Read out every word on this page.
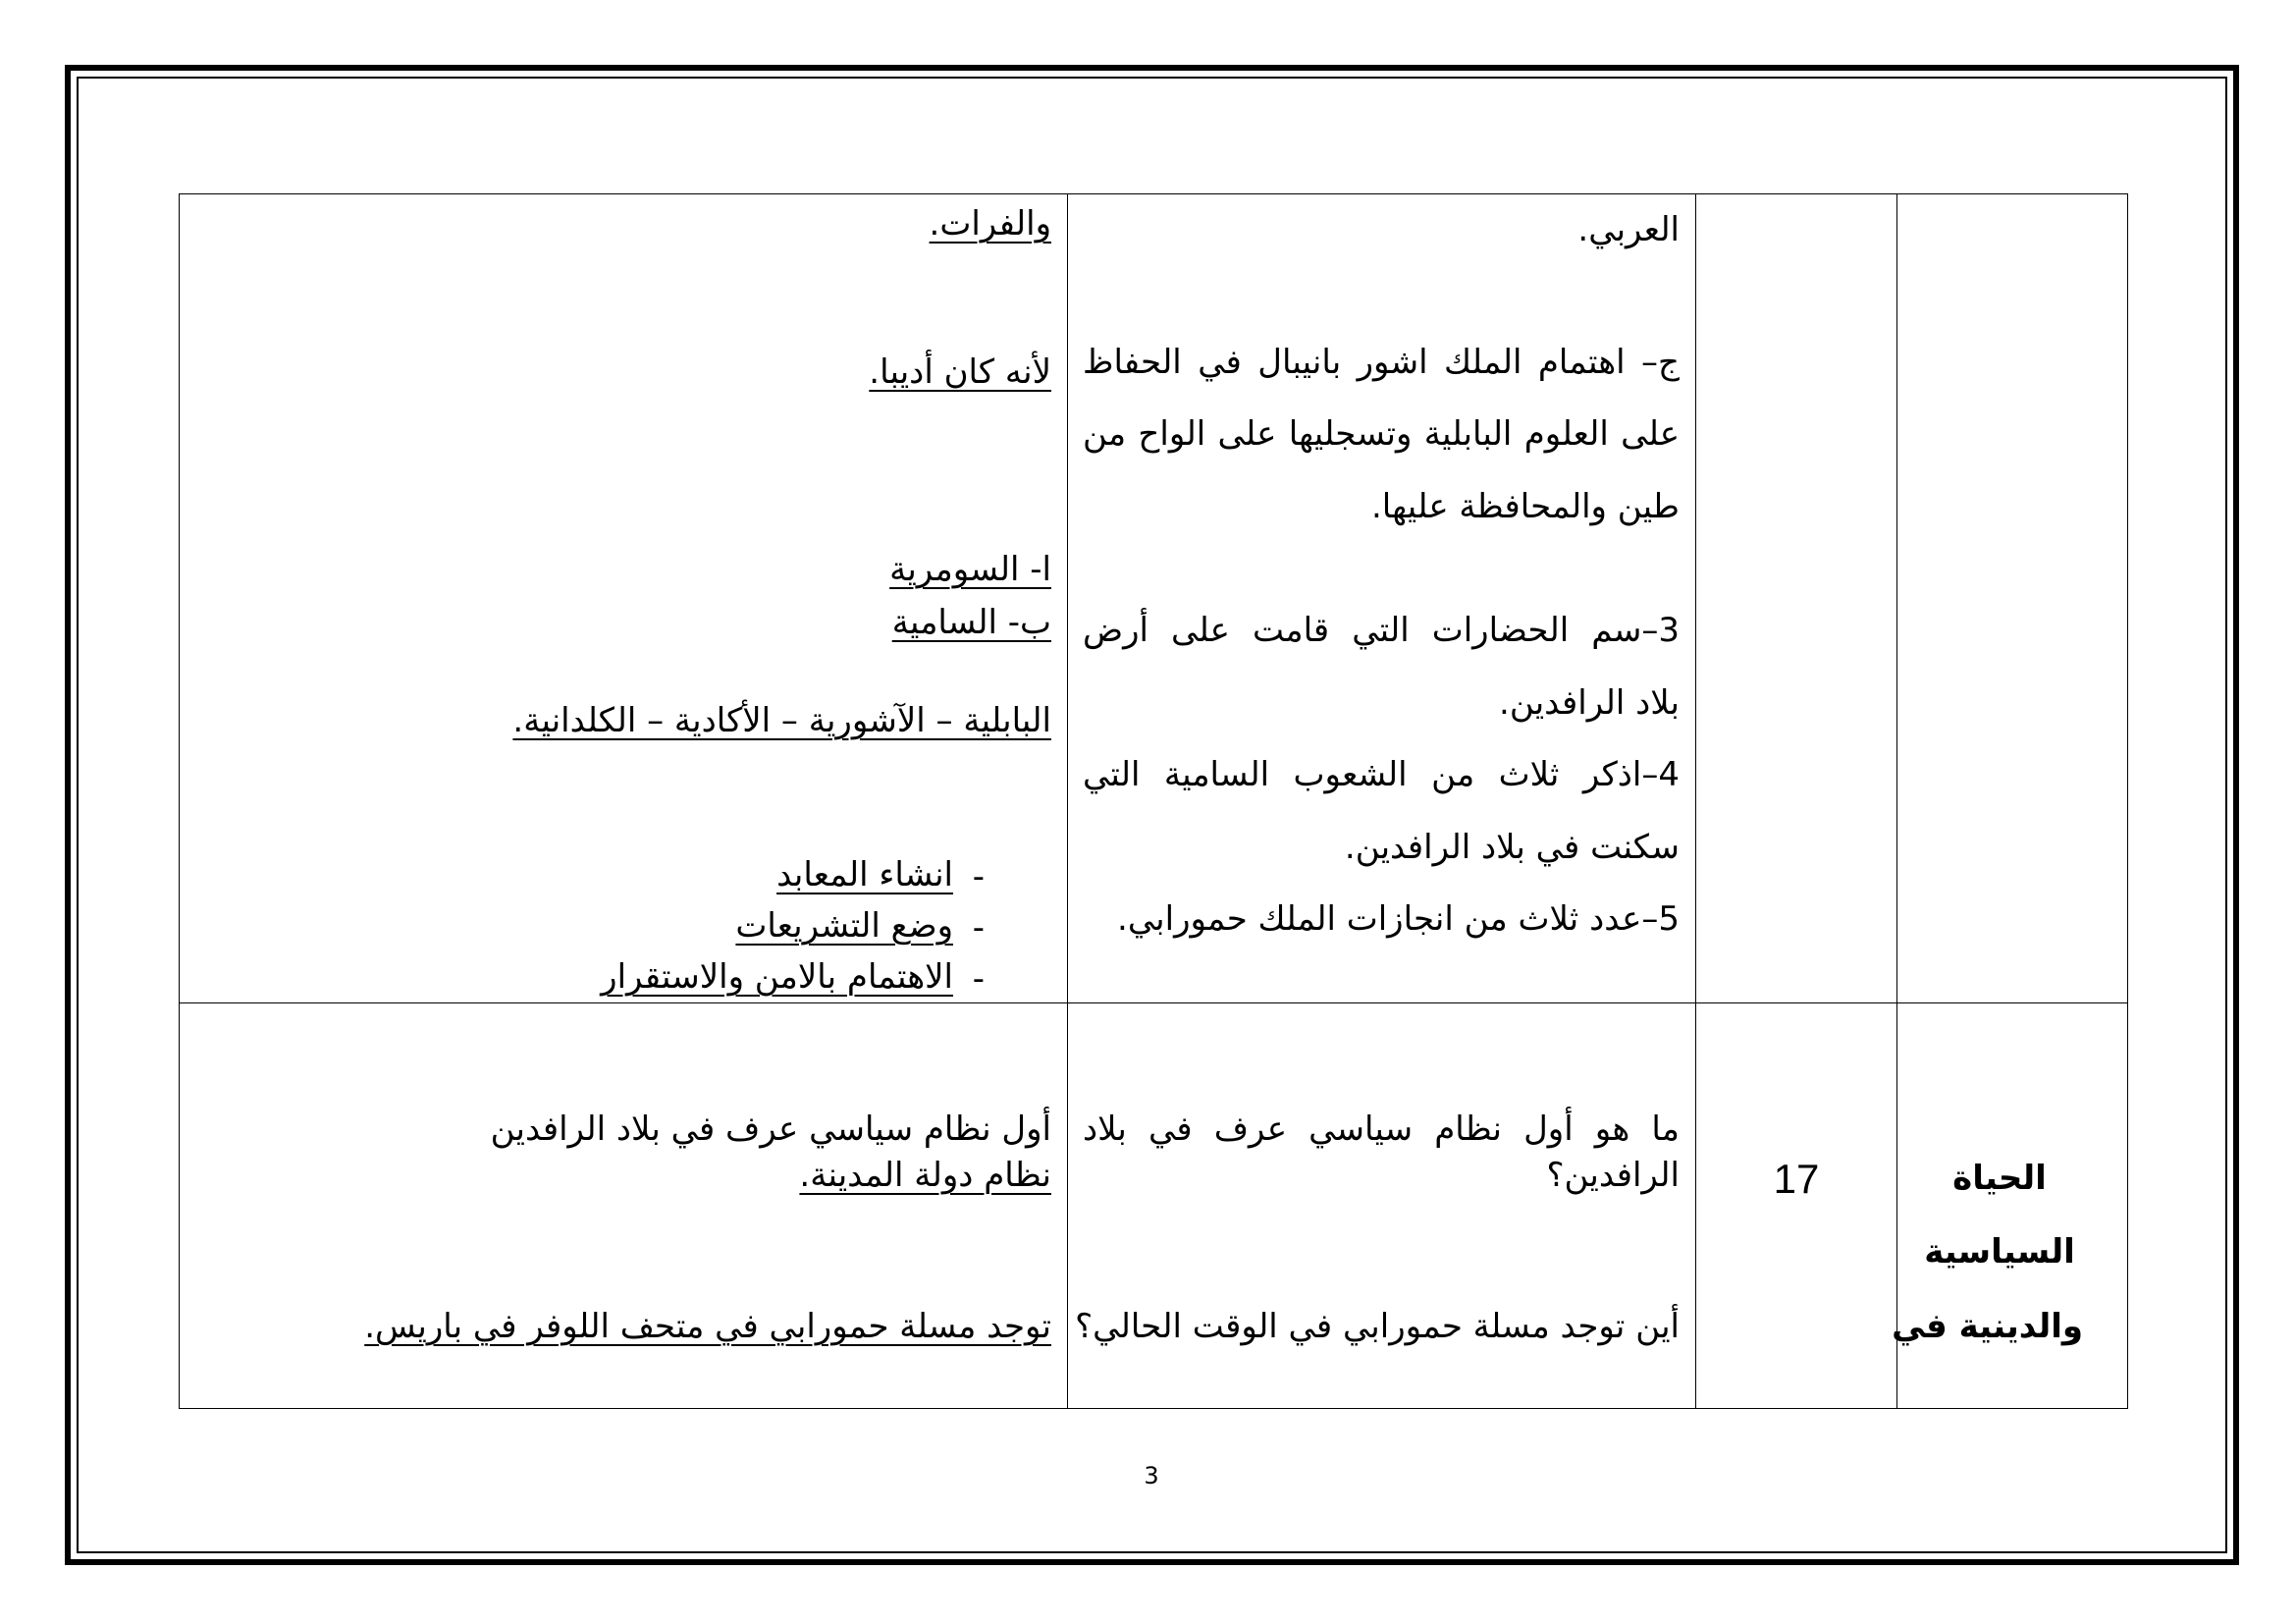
العربي.
ج– اهتمام الملك اشور بانيبال في الحفاظ
على العلوم البابلية وتسجليها على الواح من
طين والمحافظة عليها.
3–سم الحضارات التي قامت على أرض
بلاد الرافدين.
4–اذكر ثلاث من الشعوب السامية التي
سكنت في بلاد الرافدين.
5–عدد ثلاث من انجازات الملك حمورابي.
والفرات.
لأنه كان أديبا.
ا- السومرية
ب- السامية
البابلية – الآشورية – الأكادية – الكلدانية.
-
انشاء المعابد
-
وضع التشريعات
-
الاهتمام بالامن والاستقرار
الحياة
السياسية
والدينية في
17
ما هو أول نظام سياسي عرف في بلاد
الرافدين؟
أين توجد مسلة حمورابي في الوقت الحالي؟
أول نظام سياسي عرف في بلاد الرافدين
نظام دولة المدينة.
توجد مسلة حمورابي في متحف اللوفر في باريس.
3
